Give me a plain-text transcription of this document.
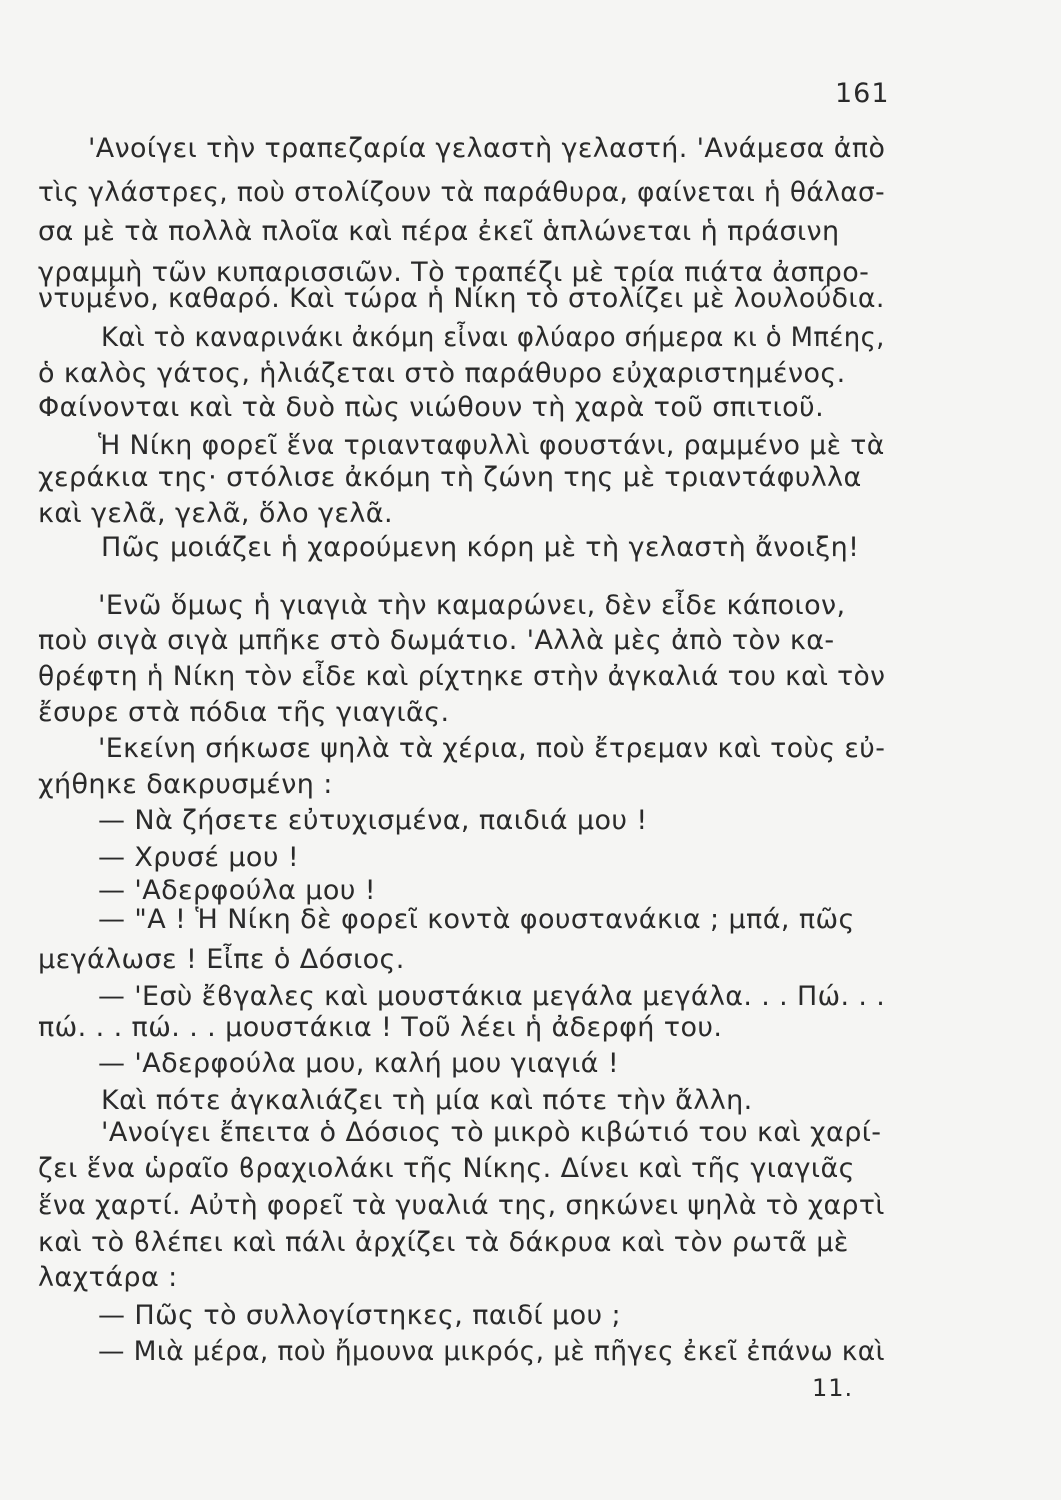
161
'Ανοίγει τὴν τραπεζαρία γελαστὴ γελαστή. 'Ανάμεσα ἀπὸ
τὶς γλάστρες, ποὺ στολίζουν τὰ παράθυρα, φαίνεται ἡ θάλασ-
σα μὲ τὰ πολλὰ πλοῖα καὶ πέρα ἐκεῖ ἁπλώνεται ἡ πράσινη
γραμμὴ τῶν κυπαρισσιῶν. Τὸ τραπέζι μὲ τρία πιάτα ἀσπρο-
ντυμένο, καθαρό. Καὶ τώρα ἡ Νίκη τὸ στολίζει μὲ λουλούδια.
Καὶ τὸ καναρινάκι ἀκόμη εἶναι φλύαρο σήμερα κι ὁ Μπέης,
ὁ καλὸς γάτος, ἡλιάζεται στὸ παράθυρο εὐχαριστημένος.
Φαίνονται καὶ τὰ δυὸ πὼς νιώθουν τὴ χαρὰ τοῦ σπιτιοῦ.
Ἡ Νίκη φορεῖ ἕνα τριανταφυλλὶ φουστάνι, ραμμένο μὲ τὰ
χεράκια της· στόλισε ἀκόμη τὴ ζώνη της μὲ τριαντάφυλλα
καὶ γελᾶ, γελᾶ, ὅλο γελᾶ.
Πῶς μοιάζει ἡ χαρούμενη κόρη μὲ τὴ γελαστὴ ἄνοιξη!
'Ενῶ ὅμως ἡ γιαγιὰ τὴν καμαρώνει, δὲν εἶδε κάποιον,
ποὺ σιγὰ σιγὰ μπῆκε στὸ δωμάτιο. 'Αλλὰ μὲς ἀπὸ τὸν κα-
θρέφτη ἡ Νίκη τὸν εἶδε καὶ ρίχτηκε στὴν ἀγκαλιά του καὶ τὸν
ἔσυρε στὰ πόδια τῆς γιαγιᾶς.
'Εκείνη σήκωσε ψηλὰ τὰ χέρια, ποὺ ἔτρεμαν καὶ τοὺς εὐ-
χήθηκε δακρυσμένη :
— Νὰ ζήσετε εὐτυχισμένα, παιδιά μου !
— Χρυσέ μου !
— 'Αδερφούλα μου !
— "Α ! Ἡ Νίκη δὲ φορεῖ κοντὰ φουστανάκια ; μπά, πῶς
μεγάλωσε ! Εἶπε ὁ Δόσιος.
— 'Εσὺ ἔϐγαλες καὶ μουστάκια μεγάλα μεγάλα. . . Πώ. . .
πώ. . . πώ. . . μουστάκια ! Τοῦ λέει ἡ ἀδερφή του.
— 'Αδερφούλα μου, καλή μου γιαγιά !
Καὶ πότε ἀγκαλιάζει τὴ μία καὶ πότε τὴν ἄλλη.
'Ανοίγει ἔπειτα ὁ Δόσιος τὸ μικρὸ κιβώτιό του καὶ χαρί-
ζει ἕνα ὡραῖο ϐραχιολάκι τῆς Νίκης. Δίνει καὶ τῆς γιαγιᾶς
ἕνα χαρτί. Αὐτὴ φορεῖ τὰ γυαλιά της, σηκώνει ψηλὰ τὸ χαρτὶ
καὶ τὸ ϐλέπει καὶ πάλι ἀρχίζει τὰ δάκρυα καὶ τὸν ρωτᾶ μὲ
λαχτάρα :
— Πῶς τὸ συλλογίστηκες, παιδί μου ;
— Μιὰ μέρα, ποὺ ἤμουνα μικρός, μὲ πῆγες ἐκεῖ ἐπάνω καὶ
11.
